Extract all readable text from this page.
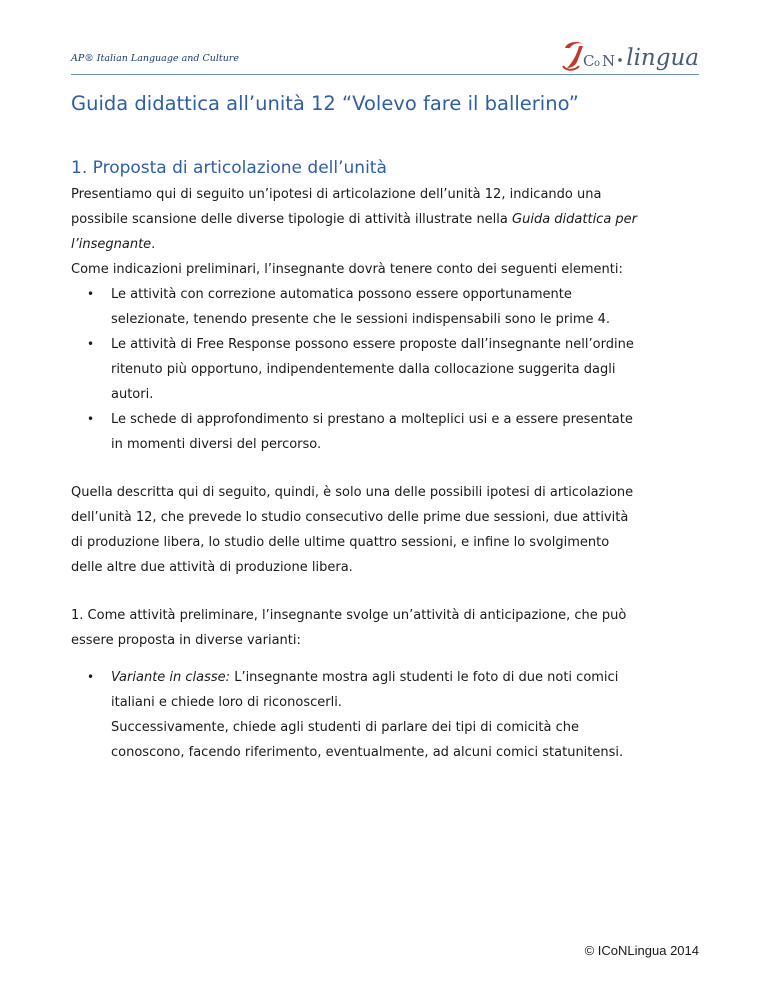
AP® Italian Language and Culture	C o N lingua
Guida didattica all’unità 12 “Volevo fare il ballerino”
1. Proposta di articolazione dell’unità

Presentiamo qui di seguito un’ipotesi di articolazione dell’unità 12, indicando una

possibile scansione delle diverse tipologie di attività illustrate nella Guida didattica per

l’insegnante.

Come indicazioni preliminari, l’insegnante dovrà tenere conto dei seguenti elementi:

• Le attività con correzione automatica possono essere opportunamente
selezionate, tenendo presente che le sessioni indispensabili sono le prime 4.
• Le attività di Free Response possono essere proposte dall’insegnante nell’ordine
ritenuto più opportuno, indipendentemente dalla collocazione suggerita dagli
autori.
• Le schede di approfondimento si prestano a molteplici usi e a essere presentate
in momenti diversi del percorso.

Quella descritta qui di seguito, quindi, è solo una delle possibili ipotesi di articolazione

dell’unità 12, che prevede lo studio consecutivo delle prime due sessioni, due attività

di produzione libera, lo studio delle ultime quattro sessioni, e infine lo svolgimento

delle altre due attività di produzione libera.

1. Come attività preliminare, l’insegnante svolge un’attività di anticipazione, che può

essere proposta in diverse varianti:

• Variante in classe: L’insegnante mostra agli studenti le foto di due noti comici
italiani e chiede loro di riconoscerli.
Successivamente, chiede agli studenti di parlare dei tipi di comicità che
conoscono, facendo riferimento, eventualmente, ad alcuni comici statunitensi.
© ICoNLingua 2014
